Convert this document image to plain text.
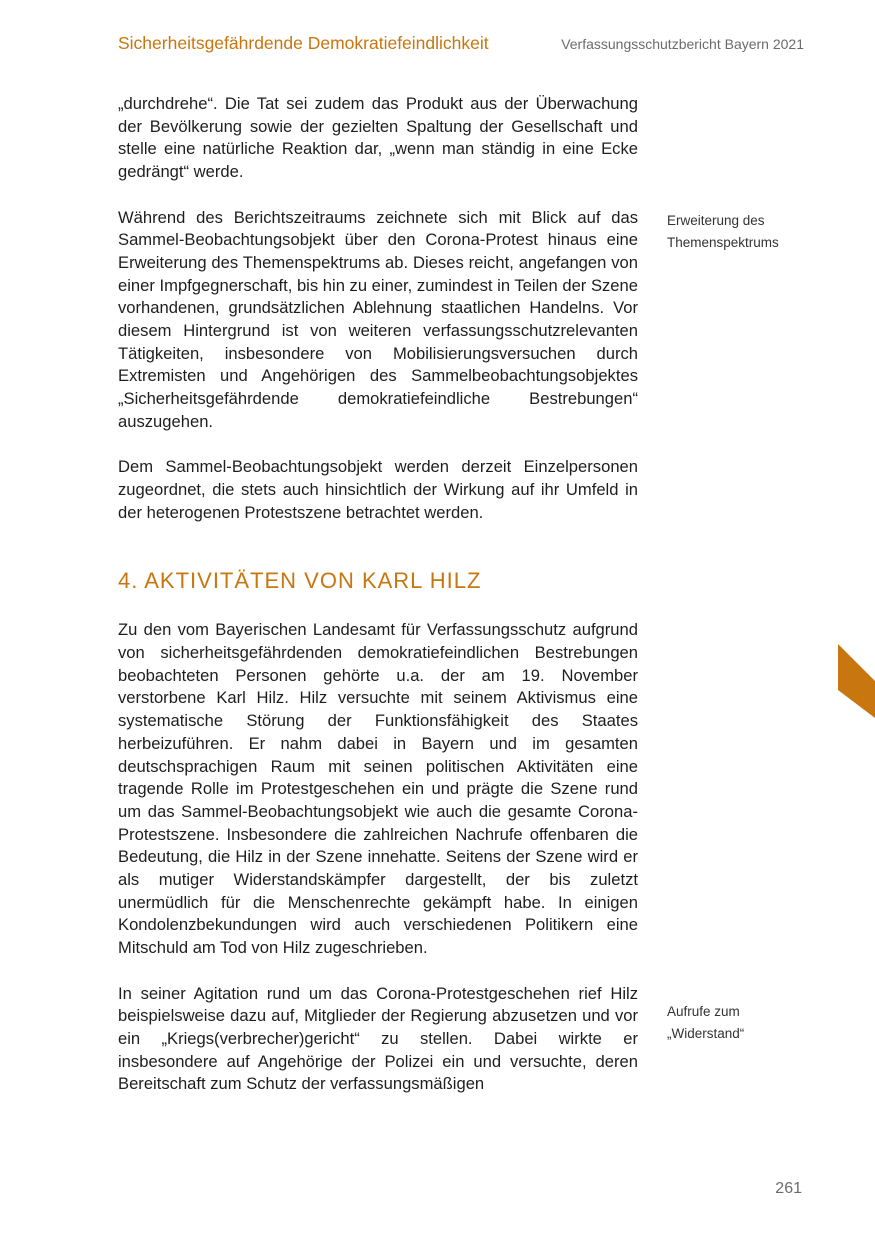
Sicherheitsgefährdende Demokratiefeindlichkeit	Verfassungsschutzbericht Bayern 2021

„durchdrehe“. Die Tat sei zudem das Produkt aus der Überwachung der Bevölkerung sowie der gezielten Spaltung der Gesellschaft und stelle eine natürliche Reaktion dar, „wenn man ständig in eine Ecke gedrängt“ werde.

Während des Berichtszeitraums zeichnete sich mit Blick auf das Sammel-Beobachtungsobjekt über den Corona-Protest hinaus eine Erweiterung des Themenspektrums ab. Dieses reicht, angefangen von einer Impfgegnerschaft, bis hin zu einer, zumindest in Teilen der Szene vorhandenen, grundsätzlichen Ablehnung staatlichen Handelns. Vor diesem Hintergrund ist von weiteren verfassungsschutzrelevanten Tätigkeiten, insbesondere von Mobilisierungsversuchen durch Extremisten und Angehörigen des Sammelbeobachtungsobjektes „Sicherheitsgefährdende demokratiefeindliche Bestrebungen“ auszugehen.

Dem Sammel-Beobachtungsobjekt werden derzeit Einzelpersonen zugeordnet, die stets auch hinsichtlich der Wirkung auf ihr Umfeld in der heterogenen Protestszene betrachtet werden.

4. AKTIVITÄTEN VON KARL HILZ

Zu den vom Bayerischen Landesamt für Verfassungsschutz aufgrund von sicherheitsgefährdenden demokratiefeindlichen Bestrebungen beobachteten Personen gehörte u.a. der am 19. November verstorbene Karl Hilz. Hilz versuchte mit seinem Aktivismus eine systematische Störung der Funktionsfähigkeit des Staates herbeizuführen. Er nahm dabei in Bayern und im gesamten deutschsprachigen Raum mit seinen politischen Aktivitäten eine tragende Rolle im Protestgeschehen ein und prägte die Szene rund um das Sammel-Beobachtungsobjekt wie auch die gesamte Corona-Protestszene. Insbesondere die zahlreichen Nachrufe offenbaren die Bedeutung, die Hilz in der Szene innehatte. Seitens der Szene wird er als mutiger Widerstandskämpfer dargestellt, der bis zuletzt unermüdlich für die Menschenrechte gekämpft habe. In einigen Kondolenzbekundungen wird auch verschiedenen Politikern eine Mitschuld am Tod von Hilz zugeschrieben.

In seiner Agitation rund um das Corona-Protestgeschehen rief Hilz beispielsweise dazu auf, Mitglieder der Regierung abzusetzen und vor ein „Kriegs(verbrecher)gericht“ zu stellen. Dabei wirkte er insbesondere auf Angehörige der Polizei ein und versuchte, deren Bereitschaft zum Schutz der verfassungsmäßigen

Erweiterung des
Themenspektrums
Aufrufe zum
„Widerstand“
261
